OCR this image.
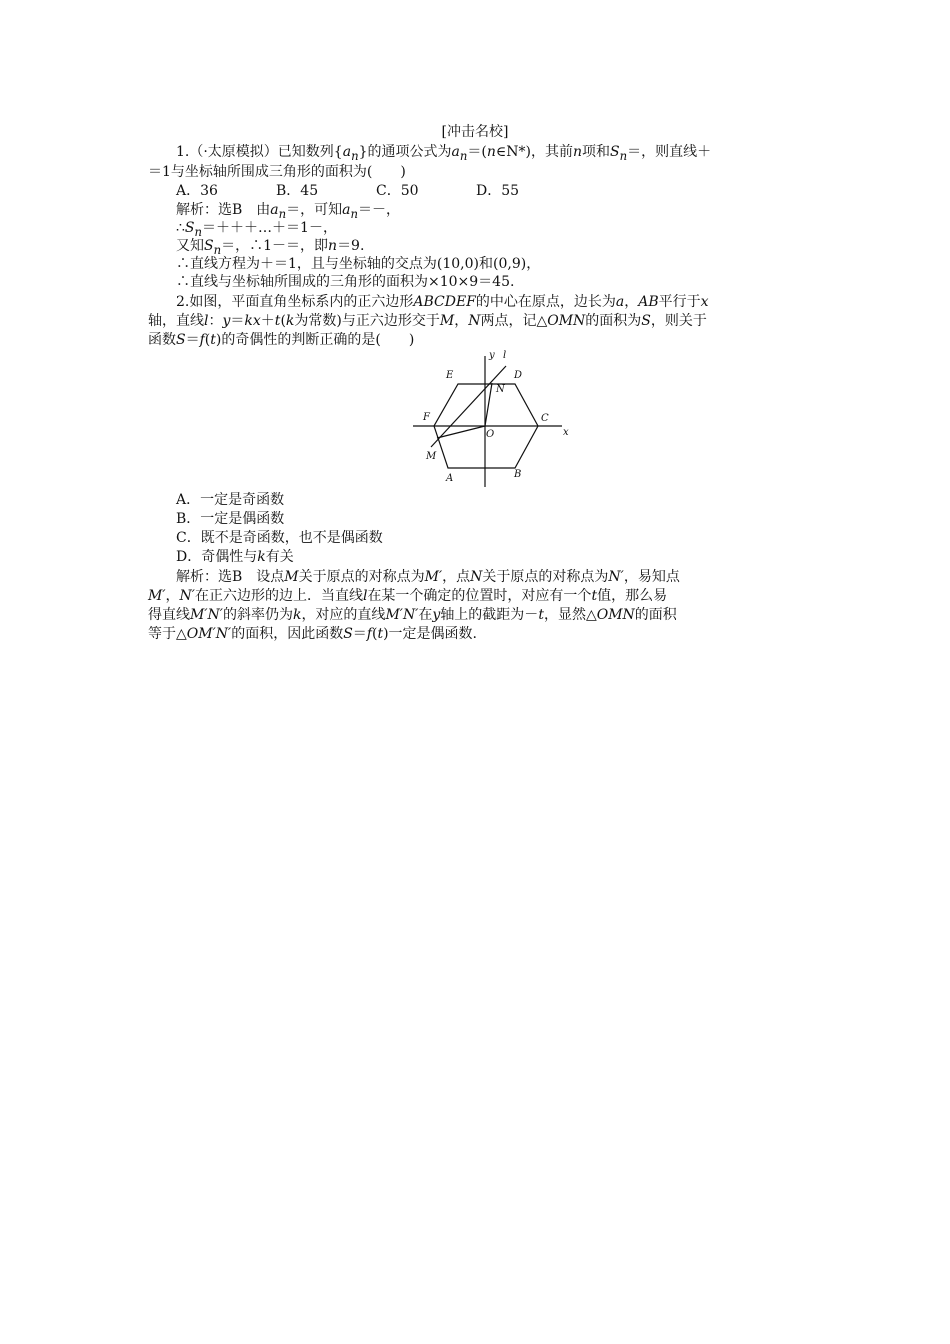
[冲击名校]
1.（·太原模拟）已知数列$\{a_n\}$的通项公式为$a_n=(n\in N*)$，其前n项和$S_n=$，则直线＋
＝1与坐标轴所围成三角形的面积为(　　)
A．36	B．45	C．50	D．55
解析：选B　由$a_n=$，可知$a_n=-$，
$\therefore S_n=+++\dots+=1-$，
又知$S_n=$，∴1－＝，即n＝9.
∴直线方程为＋＝1，且与坐标轴的交点为(10,0)和(0,9)，
∴直线与坐标轴所围成的三角形的面积为×10×9＝45.
2.如图，平面直角坐标系内的正六边形ABCDEF的中心在原点，边长为a，AB平行于x
轴，直线l：y＝kx＋t(k为常数)与正六边形交于M，N两点，记△OMN的面积为S，则关于
函数S＝f(t)的奇偶性的判断正确的是(　　)
y l
E	D
N
F
O
C
x
M
A	B
A．一定是奇函数
B．一定是偶函数
C．既不是奇函数，也不是偶函数
D．奇偶性与k有关
解析：选B　设点M关于原点的对称点为M′，点N关于原点的对称点为N′，易知点
M′，N′在正六边形的边上．当直线l在某一个确定的位置时，对应有一个t值，那么易
得直线M′N′的斜率仍为k，对应的直线M′N′在y轴上的截距为－t，显然△OMN的面积
等于△OM′N′的面积，因此函数S＝f(t)一定是偶函数.
